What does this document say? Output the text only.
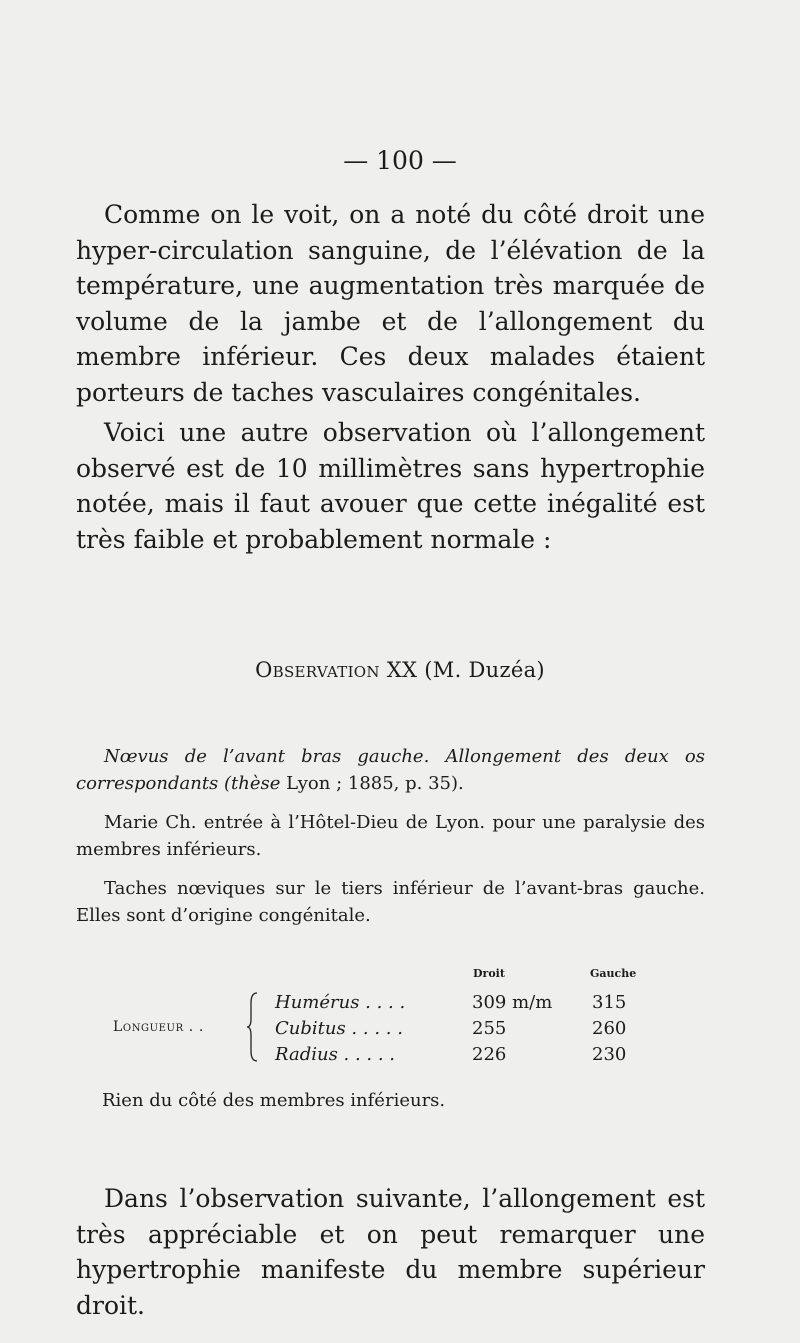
— 100 —

Comme on le voit, on a noté du côté droit une hyper-circulation sanguine, de l’élévation de la température, une augmentation très marquée de volume de la jambe et de l’allongement du membre inférieur. Ces deux malades étaient porteurs de taches vasculaires congénitales.

Voici une autre observation où l’allongement observé est de 10 millimètres sans hypertrophie notée, mais il faut avouer que cette inégalité est très faible et probablement normale :

Observation XX (M. Duzéa)

Nœvus de l’avant bras gauche. Allongement des deux os correspondants (thèse Lyon ; 1885, p. 35).

Marie Ch. entrée à l’Hôtel-Dieu de Lyon. pour une paralysie des membres inférieurs.

Taches nœviques sur le tiers inférieur de l’avant-bras gauche. Elles sont d’origine congénitale.

Droit	Gauche
Longueur . .
Humérus . . . .	309 m/m 315
Cubitus . . . . .	255	260
Radius . . . . .	226	230
Rien du côté des membres inférieurs.

Dans l’observation suivante, l’allongement est très appréciable et on peut remarquer une hypertrophie manifeste du membre supérieur droit.
